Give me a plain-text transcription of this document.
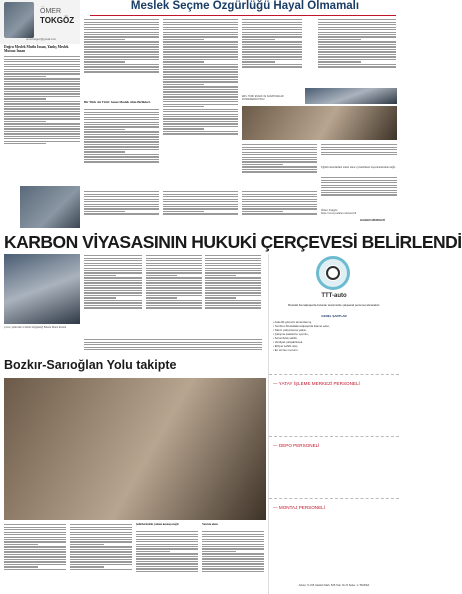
ÖMER
TOKGÖZ
omertokgoz@gmail.com
Meslek Seçme Özgürlüğü Hayal Olmamalı
Doğru Meslek Mutlu İnsan, Yanlış Meslek Mutsuz İnsan
Bir Türk Atı Türü: Sanat Meslek Alım Birlikleri.
ERS. TÜRK ESNAF VE SANATKARLAR KONFEDERASYONU
Eğitim sistemimizi temel amacı yönetimleri başarılandırmak değil.
Ömer Tokgöz
https://www.youtube.com/user/ö9
HABER MERKEZİ
KARBON VİYASASININ HUKUKİ ÇERÇEVESİ BELİRLENDİ
Çevre, Şehircilik ve İklim Değişikliği Bakanı Murat Kurum
Bozkır-Sarıoğlan Yolu takipte
Şehirlerimizin yolunu kesmeyeceğiz	Yatırım alanı
TTT-auto
Mustafa Kemalpaşa'da bulunan tesisimizde çalışacak personel alınacaktır.
GENEL ŞARTLAR
• Askerlik görevini tamamlamış,
• Tercihen Mustafakemalpaşa'da ikamet eden,
• Takım çalışmasına yatkın,
• Çalışma saatlerine uyumlu,
• Sorumluluk sahibi,
• Vardiyalı çalışabilecek,
• Ehliyet sahibi olan,
• En az lise mezunu.
— YATAY İŞLEME MERKEZİ PERSONELİ
— DEPO PERSONELİ
— MONTAJ PERSONELİ
Adres: S.O.B Atatürk Mah. 526 Sok. No:5 Soka. 1 / BURSA
